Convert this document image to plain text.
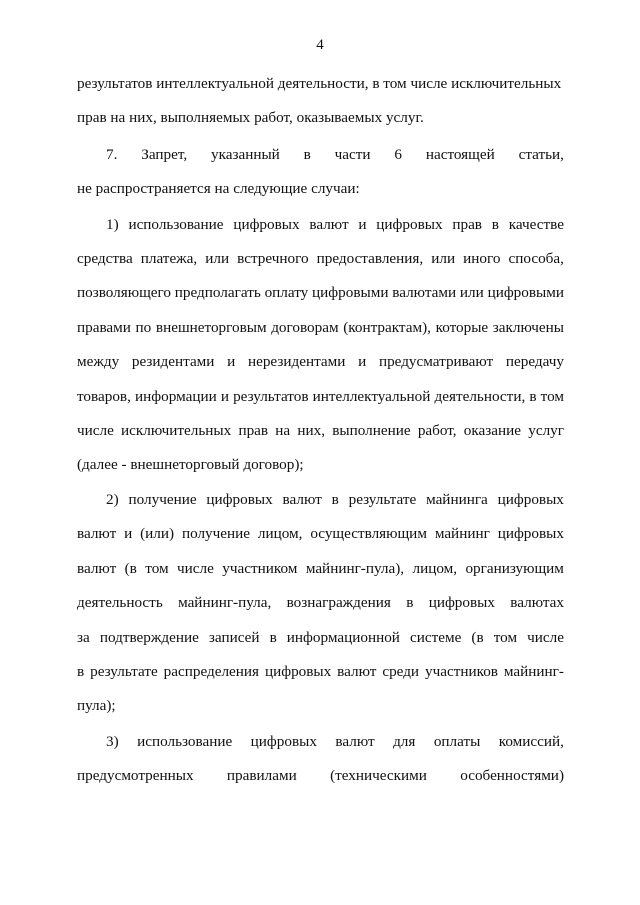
4
результатов интеллектуальной деятельности, в том числе исключительных
прав на них, выполняемых работ, оказываемых услуг.
7. Запрет, указанный в части 6 настоящей статьи,
не распространяется на следующие случаи:
1) использование цифровых валют и цифровых прав в качестве
средства платежа, или встречного предоставления, или иного способа,
позволяющего предполагать оплату цифровыми валютами или цифровыми
правами по внешнеторговым договорам (контрактам), которые заключены
между резидентами и нерезидентами и предусматривают передачу
товаров, информации и результатов интеллектуальной деятельности, в том
числе исключительных прав на них, выполнение работ, оказание услуг
(далее - внешнеторговый договор);
2) получение цифровых валют в результате майнинга цифровых
валют и (или) получение лицом, осуществляющим майнинг цифровых
валют (в том числе участником майнинг-пула), лицом, организующим
деятельность майнинг-пула, вознаграждения в цифровых валютах
за подтверждение записей в информационной системе (в том числе
в результате распределения цифровых валют среди участников майнинг-
пула);
3) использование цифровых валют для оплаты комиссий,
предусмотренных правилами (техническими особенностями)
